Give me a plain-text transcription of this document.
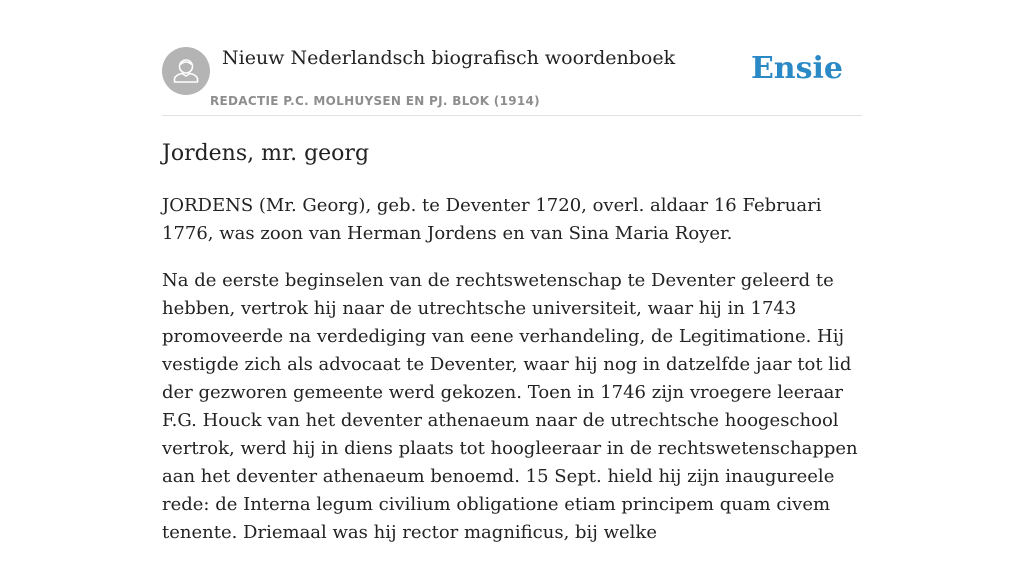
Nieuw Nederlandsch biografisch woordenboek
REDACTIE P.C. MOLHUYSEN EN PJ. BLOK (1914)
Ensie
Jordens, mr. georg

JORDENS (Mr. Georg), geb. te Deventer 1720, overl. aldaar 16 Februari 1776, was zoon van Herman Jordens en van Sina Maria Royer.

Na de eerste beginselen van de rechtswetenschap te Deventer geleerd te hebben, vertrok hij naar de utrechtsche universiteit, waar hij in 1743 promoveerde na verdediging van eene verhandeling, de Legitimatione. Hij vestigde zich als advocaat te Deventer, waar hij nog in datzelfde jaar tot lid der gezworen gemeente werd gekozen. Toen in 1746 zijn vroegere leeraar F.G. Houck van het deventer athenaeum naar de utrechtsche hoogeschool vertrok, werd hij in diens plaats tot hoogleeraar in de rechtswetenschappen aan het deventer athenaeum benoemd. 15 Sept. hield hij zijn inaugureele rede: de Interna legum civilium obligatione etiam principem quam civem tenente. Driemaal was hij rector magnificus, bij welke
